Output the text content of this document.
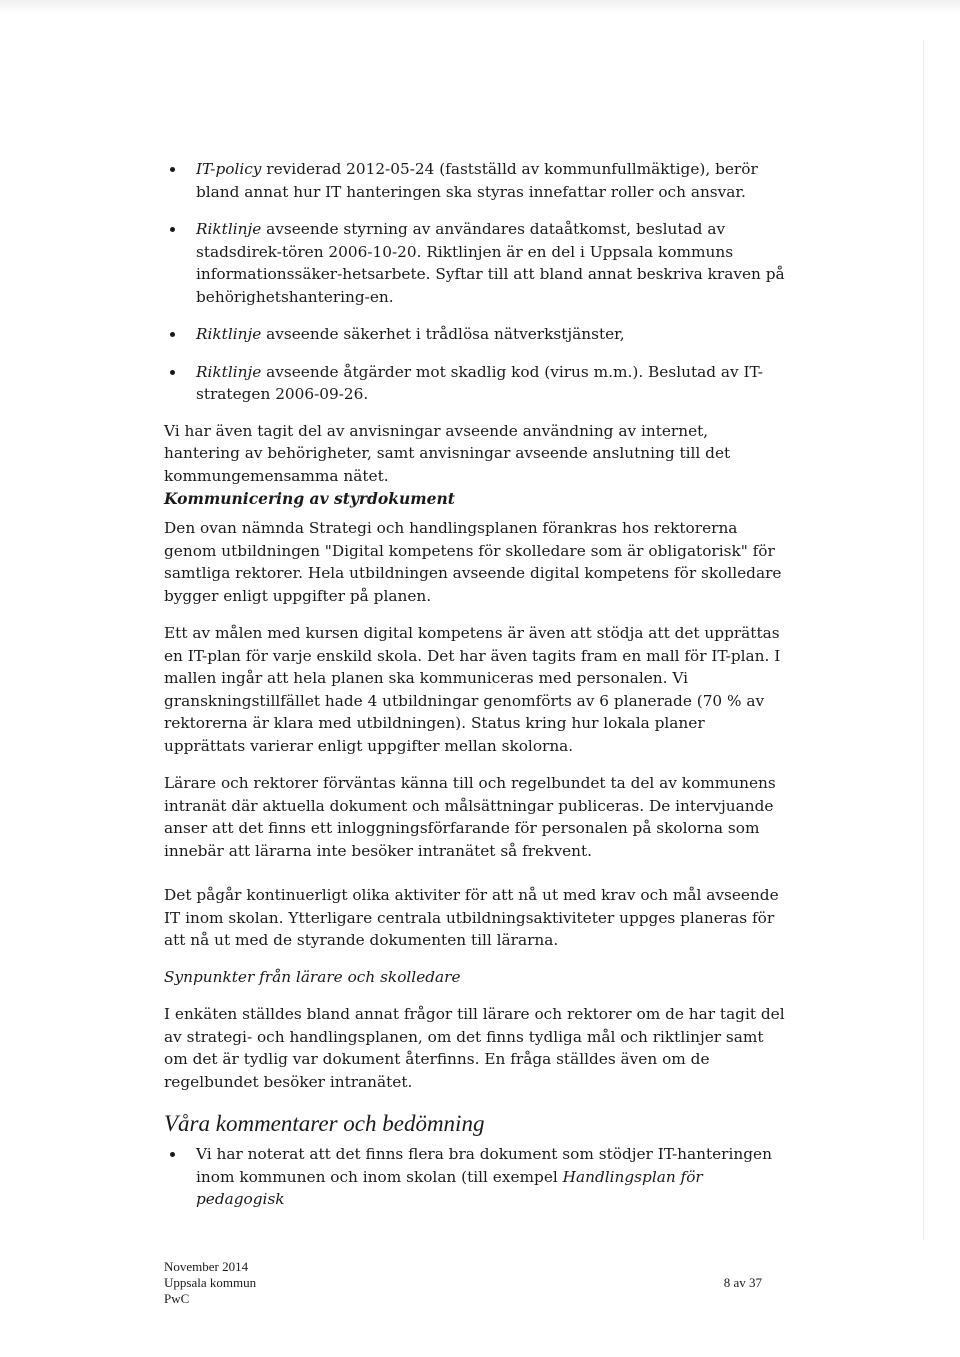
IT-policy reviderad 2012-05-24 (fastställd av kommunfullmäktige), berör bland annat hur IT hanteringen ska styras innefattar roller och ansvar.
Riktlinje avseende styrning av användares dataåtkomst, beslutad av stadsdirek-tören 2006-10-20. Riktlinjen är en del i Uppsala kommuns informationssäker-hetsarbete. Syftar till att bland annat beskriva kraven på behörighetshantering-en.
Riktlinje avseende säkerhet i trådlösa nätverkstjänster,
Riktlinje avseende åtgärder mot skadlig kod (virus m.m.). Beslutad av IT-strategen 2006-09-26.

Vi har även tagit del av anvisningar avseende användning av internet, hantering av behörigheter, samt anvisningar avseende anslutning till det kommungemensamma nätet.

Kommunicering av styrdokument

Den ovan nämnda Strategi och handlingsplanen förankras hos rektorerna genom utbildningen "Digital kompetens för skolledare som är obligatorisk" för samtliga rektorer. Hela utbildningen avseende digital kompetens för skolledare bygger enligt uppgifter på planen.

Ett av målen med kursen digital kompetens är även att stödja att det upprättas en IT-plan för varje enskild skola. Det har även tagits fram en mall för IT-plan. I mallen ingår att hela planen ska kommuniceras med personalen. Vi granskningstillfället hade 4 utbildningar genomförts av 6 planerade (70 % av rektorerna är klara med utbildningen). Status kring hur lokala planer upprättats varierar enligt uppgifter mellan skolorna.

Lärare och rektorer förväntas känna till och regelbundet ta del av kommunens intranät där aktuella dokument och målsättningar publiceras. De intervjuande anser att det finns ett inloggningsförfarande för personalen på skolorna som innebär att lärarna inte besöker intranätet så frekvent.

Det pågår kontinuerligt olika aktiviter för att nå ut med krav och mål avseende IT inom skolan. Ytterligare centrala utbildningsaktiviteter uppges planeras för att nå ut med de styrande dokumenten till lärarna.

Synpunkter från lärare och skolledare

I enkäten ställdes bland annat frågor till lärare och rektorer om de har tagit del av strategi- och handlingsplanen, om det finns tydliga mål och riktlinjer samt om det är tydlig var dokument återfinns. En fråga ställdes även om de regelbundet besöker intranätet.

Våra kommentarer och bedömning

Vi har noterat att det finns flera bra dokument som stödjer IT-hanteringen inom kommunen och inom skolan (till exempel Handlingsplan för pedagogisk
November 2014
Uppsala kommun
PwC
8 av 37
